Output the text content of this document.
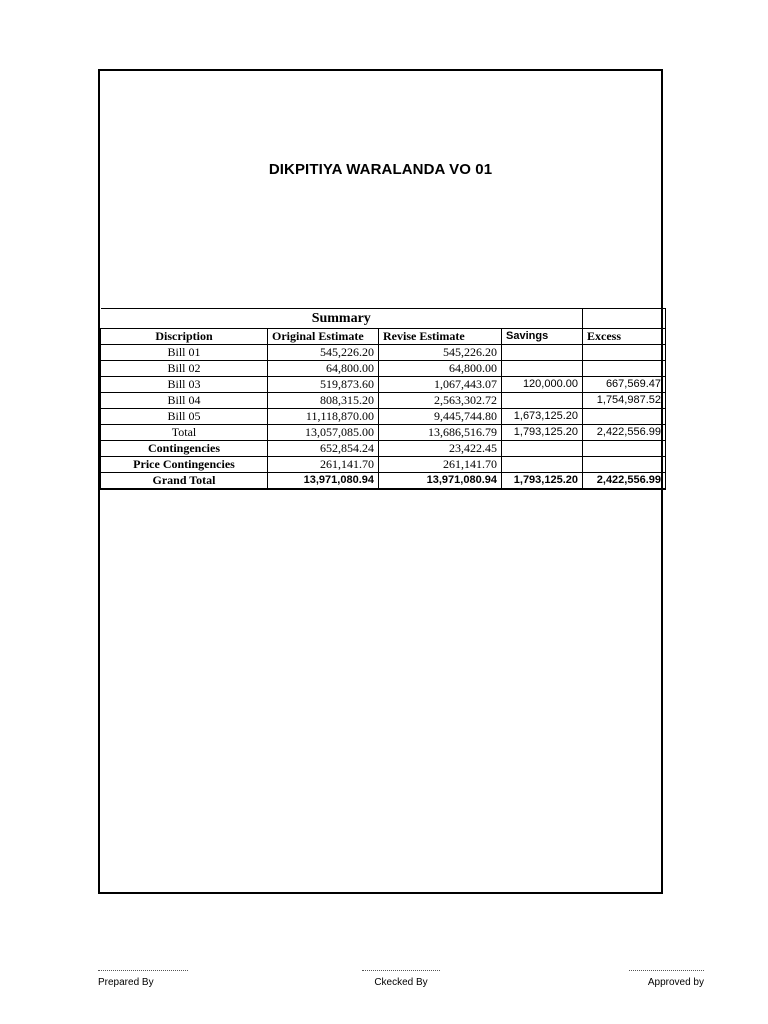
DIKPITIYA WARALANDA VO 01
Summary				
Discription	Original Estimate	Revise Estimate	Savings	Excess
Bill 01	545,226.20	545,226.20		
Bill 02	64,800.00	64,800.00		
Bill 03	519,873.60	1,067,443.07	120,000.00	667,569.47
Bill 04	808,315.20	2,563,302.72		1,754,987.52
Bill 05	11,118,870.00	9,445,744.80	1,673,125.20	
Total	13,057,085.00	13,686,516.79	1,793,125.20	2,422,556.99
Contingencies	652,854.24	23,422.45		
Price Contingencies	261,141.70	261,141.70		
Grand Total	13,971,080.94	13,971,080.94	1,793,125.20	2,422,556.99
Prepared By	Ckecked By	Approved by
